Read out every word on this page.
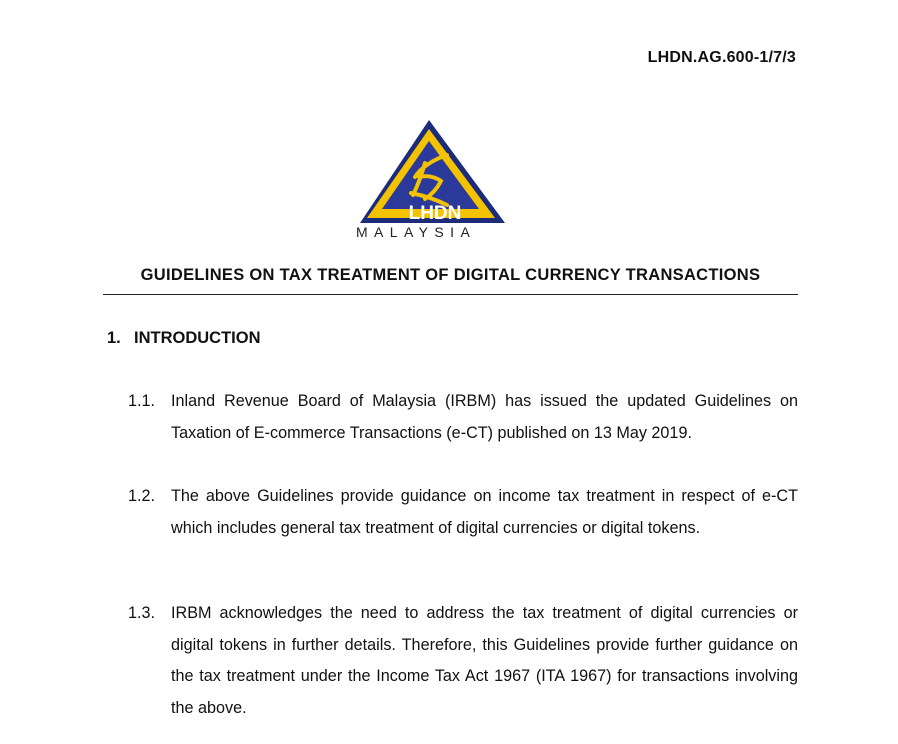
LHDN.AG.600-1/7/3
LHDN
MALAYSIA
GUIDELINES ON TAX TREATMENT OF DIGITAL CURRENCY TRANSACTIONS
1. INTRODUCTION
1.1. Inland Revenue Board of Malaysia (IRBM) has issued the updated Guidelines on Taxation of E-commerce Transactions (e-CT) published on 13 May 2019.
1.2. The above Guidelines provide guidance on income tax treatment in respect of e-CT which includes general tax treatment of digital currencies or digital tokens.
1.3. IRBM acknowledges the need to address the tax treatment of digital currencies or digital tokens in further details. Therefore, this Guidelines provide further guidance on the tax treatment under the Income Tax Act 1967 (ITA 1967) for transactions involving the above.
